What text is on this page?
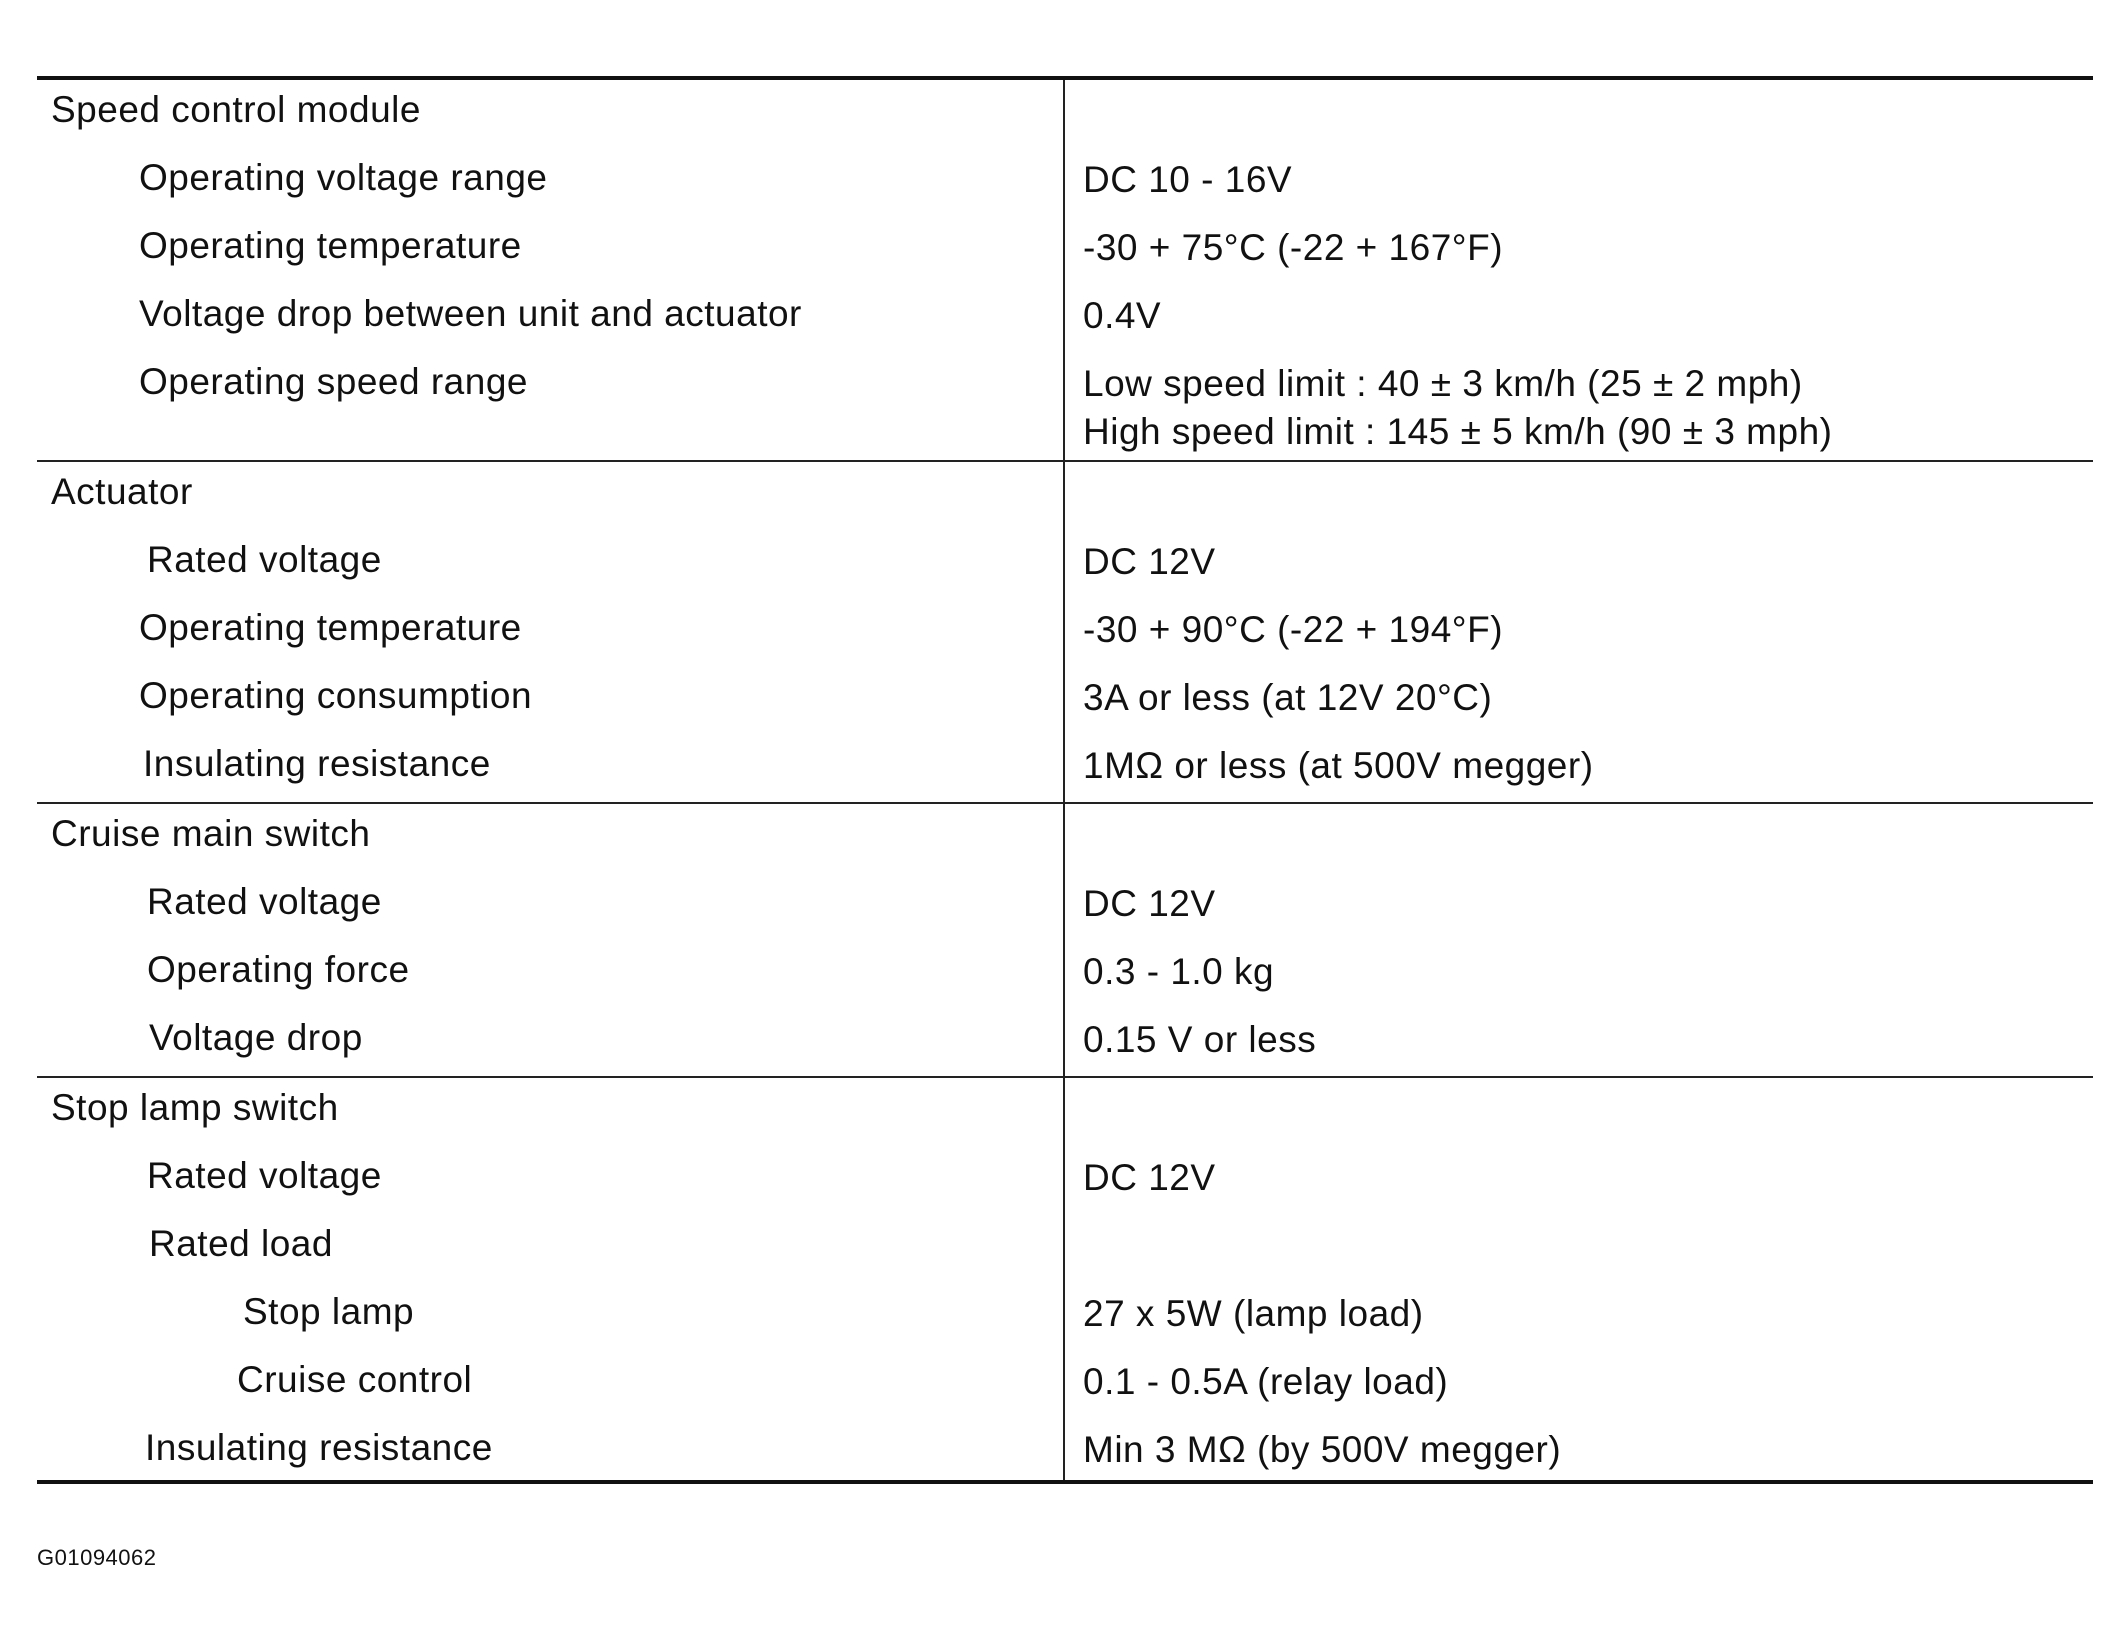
Speed control module
Operating voltage range	DC 10 - 16V
Operating temperature	-30 + 75°C (-22 + 167°F)
Voltage drop between unit and actuator	0.4V
Operating speed range	Low speed limit : 40 ± 3 km/h (25 ± 2 mph)
High speed limit : 145 ± 5 km/h (90 ± 3 mph)
Actuator
Rated voltage	DC 12V
Operating temperature	-30 + 90°C (-22 + 194°F)
Operating consumption	3A or less (at 12V 20°C)
Insulating resistance	1MΩ or less (at 500V megger)
Cruise main switch
Rated voltage	DC 12V
Operating force	0.3 - 1.0 kg
Voltage drop	0.15 V or less
Stop lamp switch
Rated voltage	DC 12V
Rated load
Stop lamp	27 x 5W (lamp load)
Cruise control	0.1 - 0.5A (relay load)
Insulating resistance	Min 3 MΩ (by 500V megger)
G01094062
